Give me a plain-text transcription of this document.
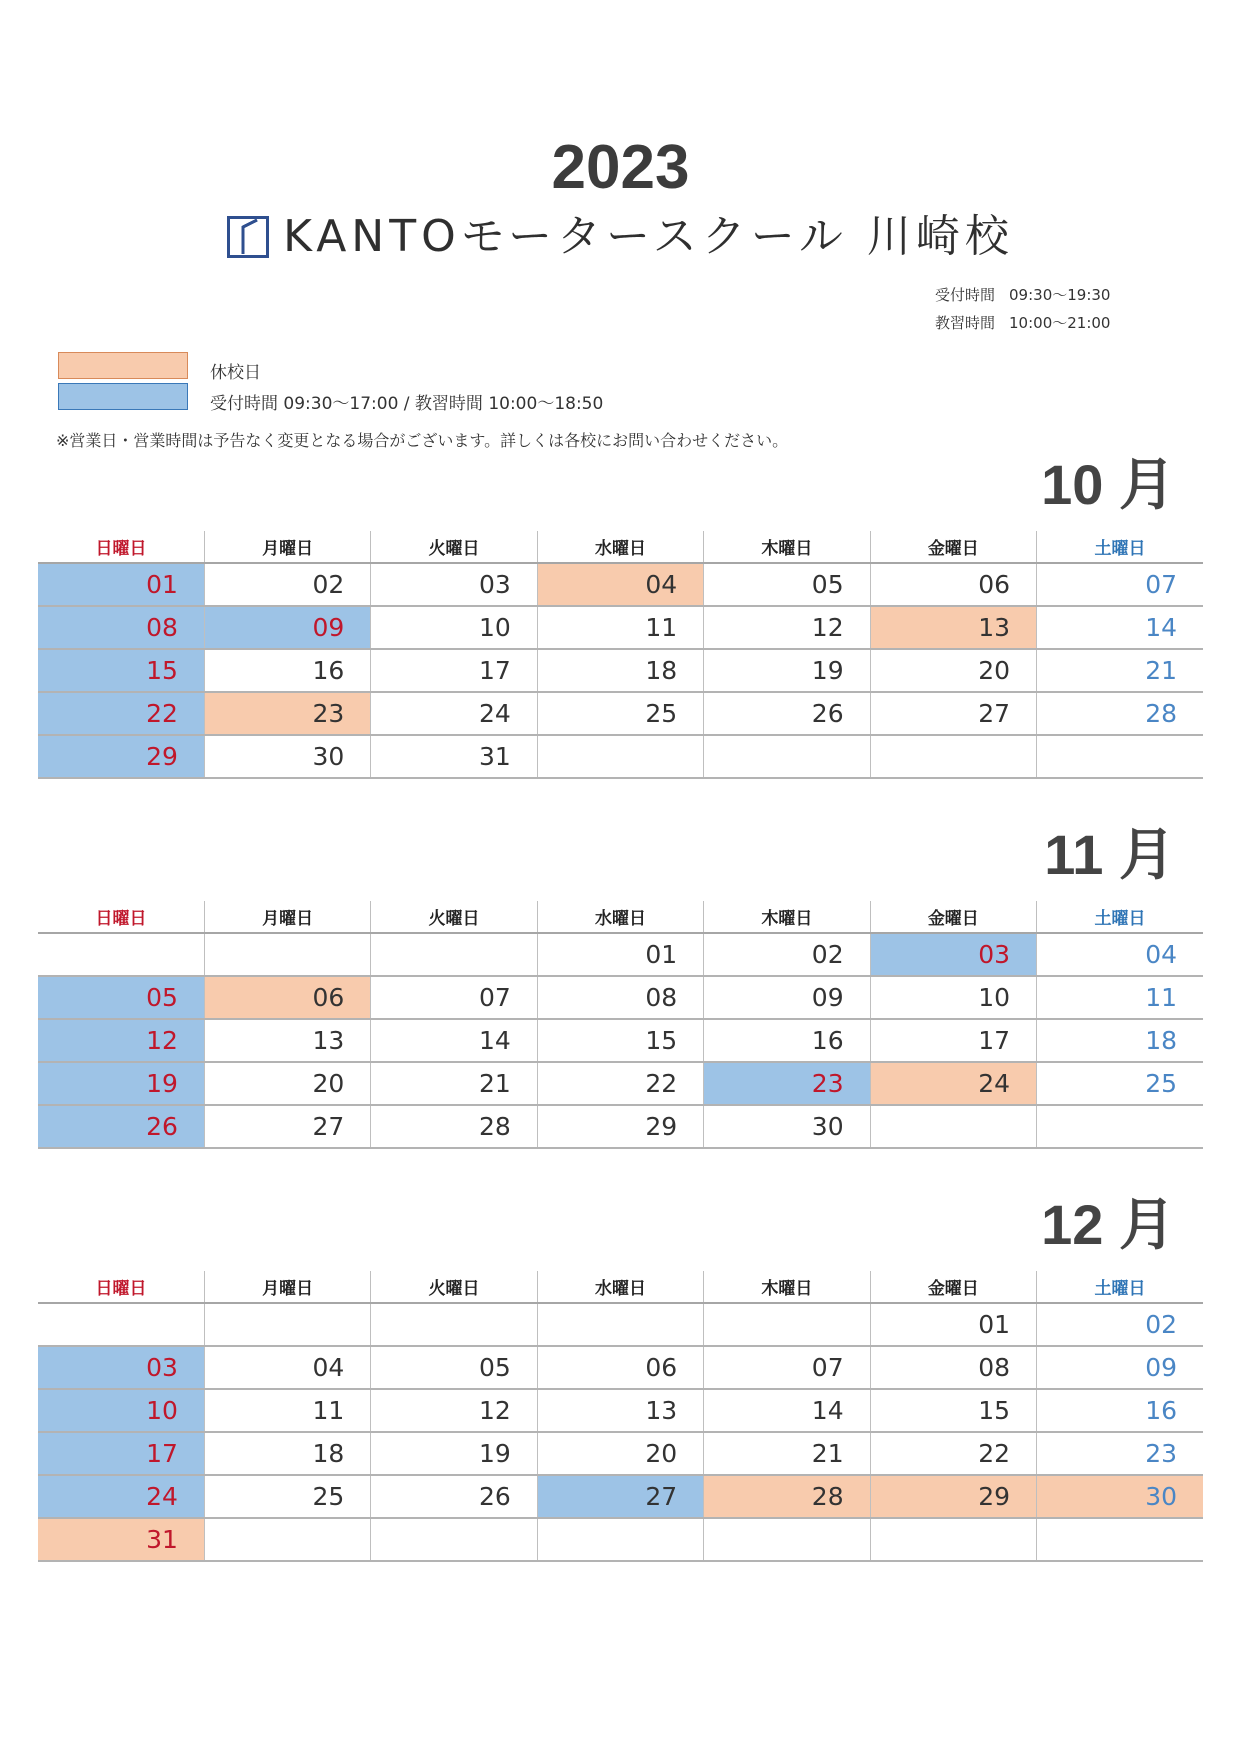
2023
KANTOモータースクール 川崎校
受付時間 09:30〜19:30
教習時間 10:00〜21:00
休校日
受付時間 09:30〜17:00 / 教習時間 10:00〜18:50
※営業日・営業時間は予告なく変更となる場合がございます。詳しくは各校にお問い合わせください。
10 月
日曜日	月曜日	火曜日	水曜日	木曜日	金曜日	土曜日
01	02	03	04	05	06	07
08	09	10	11	12	13	14
15	16	17	18	19	20	21
22	23	24	25	26	27	28
29	30	31				
11 月
日曜日	月曜日	火曜日	水曜日	木曜日	金曜日	土曜日
			01	02	03	04
05	06	07	08	09	10	11
12	13	14	15	16	17	18
19	20	21	22	23	24	25
26	27	28	29	30		
12 月
日曜日	月曜日	火曜日	水曜日	木曜日	金曜日	土曜日
					01	02
03	04	05	06	07	08	09
10	11	12	13	14	15	16
17	18	19	20	21	22	23
24	25	26	27	28	29	30
31						
